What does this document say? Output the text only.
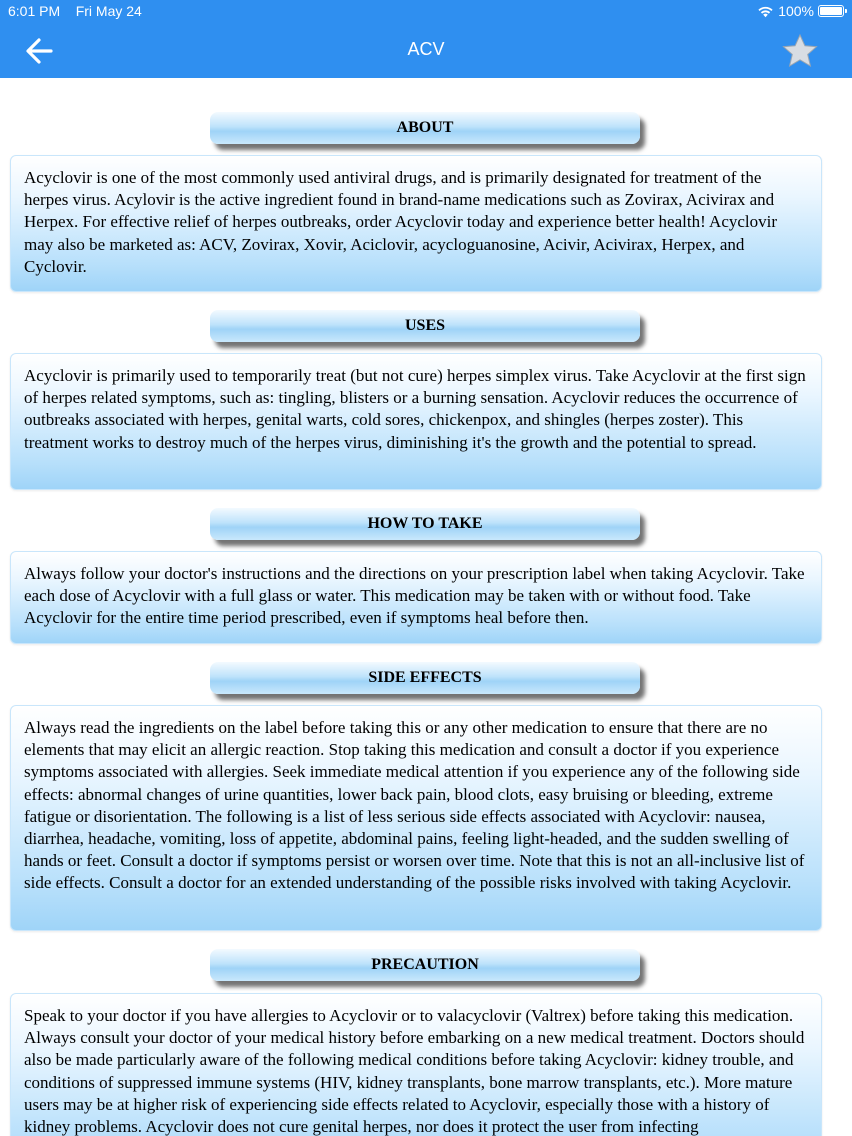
6:01 PM Fri May 24	100%
ACV
ABOUT
Acyclovir is one of the most commonly used antiviral drugs, and is primarily designated for treatment of the herpes virus. Acylovir is the active ingredient found in brand-name medications such as Zovirax, Acivirax and Herpex. For effective relief of herpes outbreaks, order Acyclovir today and experience better health! Acyclovir may also be marketed as: ACV, Zovirax, Xovir, Aciclovir, acycloguanosine, Acivir, Acivirax, Herpex, and Cyclovir.
USES
Acyclovir is primarily used to temporarily treat (but not cure) herpes simplex virus. Take Acyclovir at the first sign of herpes related symptoms, such as: tingling, blisters or a burning sensation. Acyclovir reduces the occurrence of outbreaks associated with herpes, genital warts, cold sores, chickenpox, and shingles (herpes zoster). This treatment works to destroy much of the herpes virus, diminishing it's the growth and the potential to spread.
HOW TO TAKE
Always follow your doctor's instructions and the directions on your prescription label when taking Acyclovir. Take each dose of Acyclovir with a full glass or water. This medication may be taken with or without food. Take Acyclovir for the entire time period prescribed, even if symptoms heal before then.
SIDE EFFECTS
Always read the ingredients on the label before taking this or any other medication to ensure that there are no elements that may elicit an allergic reaction. Stop taking this medication and consult a doctor if you experience symptoms associated with allergies. Seek immediate medical attention if you experience any of the following side effects: abnormal changes of urine quantities, lower back pain, blood clots, easy bruising or bleeding, extreme fatigue or disorientation. The following is a list of less serious side effects associated with Acyclovir: nausea, diarrhea, headache, vomiting, loss of appetite, abdominal pains, feeling light-headed, and the sudden swelling of hands or feet. Consult a doctor if symptoms persist or worsen over time. Note that this is not an all-inclusive list of side effects. Consult a doctor for an extended understanding of the possible risks involved with taking Acyclovir.
PRECAUTION
Speak to your doctor if you have allergies to Acyclovir or to valacyclovir (Valtrex) before taking this medication. Always consult your doctor of your medical history before embarking on a new medical treatment. Doctors should also be made particularly aware of the following medical conditions before taking Acyclovir: kidney trouble, and conditions of suppressed immune systems (HIV, kidney transplants, bone marrow transplants, etc.). More mature users may be at higher risk of experiencing side effects related to Acyclovir, especially those with a history of kidney problems. Acyclovir does not cure genital herpes, nor does it protect the user from infecting
